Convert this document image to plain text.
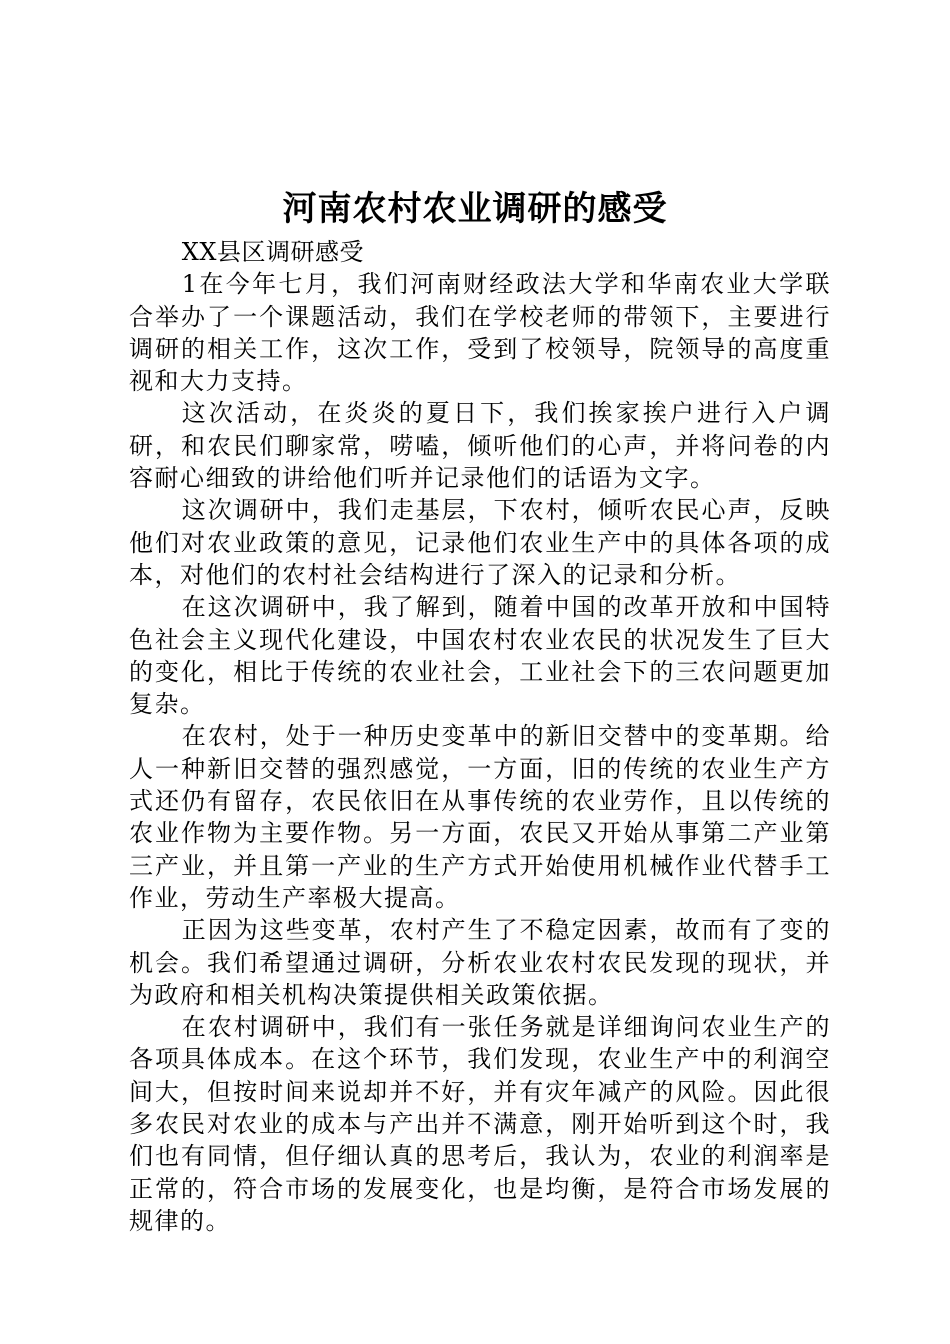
河南农村农业调研的感受

XX县区调研感受

1在今年七月，我们河南财经政法大学和华南农业大学联合举办了一个课题活动，我们在学校老师的带领下，主要进行调研的相关工作，这次工作，受到了校领导，院领导的高度重视和大力支持。

这次活动，在炎炎的夏日下，我们挨家挨户进行入户调研，和农民们聊家常，唠嗑，倾听他们的心声，并将问卷的内容耐心细致的讲给他们听并记录他们的话语为文字。

这次调研中，我们走基层，下农村，倾听农民心声，反映他们对农业政策的意见，记录他们农业生产中的具体各项的成本，对他们的农村社会结构进行了深入的记录和分析。

在这次调研中，我了解到，随着中国的改革开放和中国特色社会主义现代化建设，中国农村农业农民的状况发生了巨大的变化，相比于传统的农业社会，工业社会下的三农问题更加复杂。

在农村，处于一种历史变革中的新旧交替中的变革期。给人一种新旧交替的强烈感觉，一方面，旧的传统的农业生产方式还仍有留存，农民依旧在从事传统的农业劳作，且以传统的农业作物为主要作物。另一方面，农民又开始从事第二产业第三产业，并且第一产业的生产方式开始使用机械作业代替手工作业，劳动生产率极大提高。

正因为这些变革，农村产生了不稳定因素，故而有了变的机会。我们希望通过调研，分析农业农村农民发现的现状，并为政府和相关机构决策提供相关政策依据。

在农村调研中，我们有一张任务就是详细询问农业生产的各项具体成本。在这个环节，我们发现，农业生产中的利润空间大，但按时间来说却并不好，并有灾年减产的风险。因此很多农民对农业的成本与产出并不满意，刚开始听到这个时，我们也有同情，但仔细认真的思考后，我认为，农业的利润率是正常的，符合市场的发展变化，也是均衡，是符合市场发展的规律的。
